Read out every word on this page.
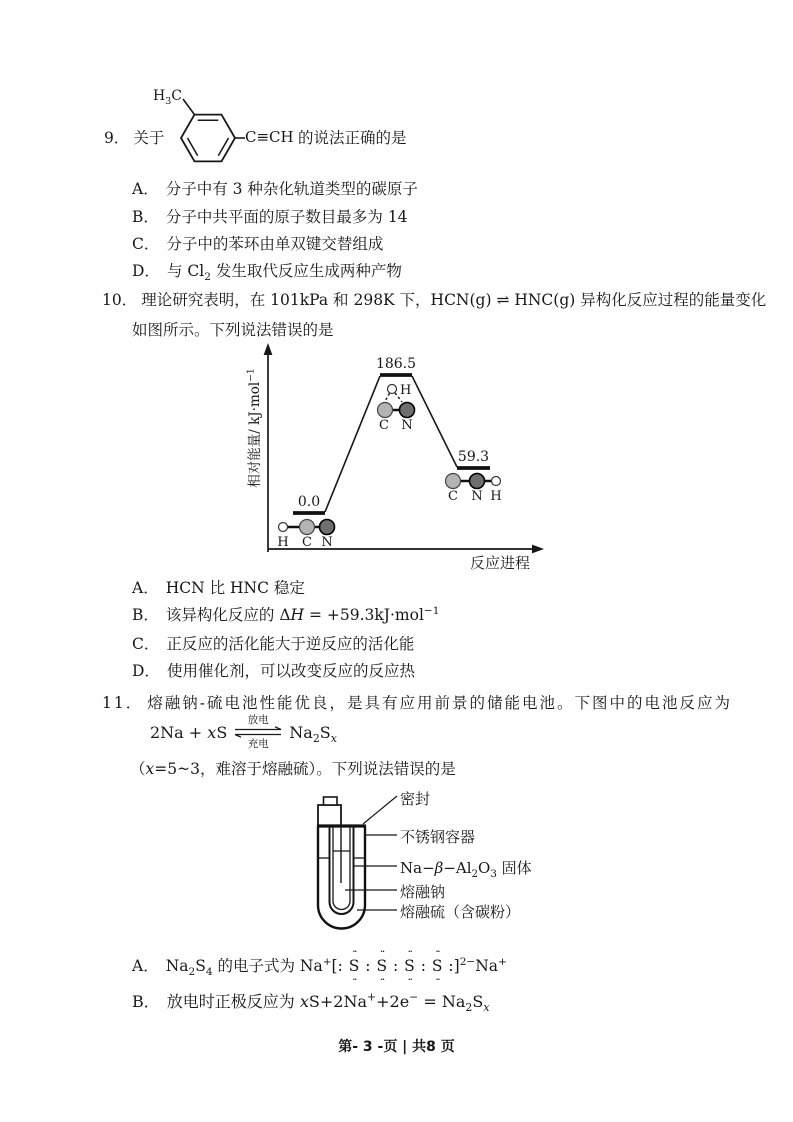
9． 关于
$H_3C$
C≡CH 的说法正确的是
A． 分子中有 3 种杂化轨道类型的碳原子
B． 分子中共平面的原子数目最多为 14
C． 分子中的苯环由单双键交替组成
D． 与 $Cl_2$ 发生取代反应生成两种产物
10． 理论研究表明，在 101kPa 和 298K 下，HCN(g) ⇌ HNC(g) 异构化反应过程的能量变化
如图所示。下列说法错误的是
0.0
186.5
59.3
H C N
H
C N
C N H
反应进程
相对能量/ kJ·mol$^{-1}$
A． HCN 比 HNC 稳定
B． 该异构化反应的 ΔH = +59.3kJ·mol$^{-1}$
C． 正反应的活化能大于逆反应的活化能
D． 使用催化剂，可以改变反应的反应热
11． 熔融钠-硫电池性能优良，是具有应用前景的储能电池。下图中的电池反应为
2Na + xS
放电
充电
$Na_2S_x$
（x=5~3，难溶于熔融硫）。下列说法错误的是
密封
不锈钢容器
$Na-\beta-Al_2O_3$ 固体
熔融钠
熔融硫（含碳粉）
A． $Na_2S_4$ 的电子式为 Na+[:
··
S
··
:
··
S
··
:
··
S
··
:
··
S
··
:]$^{2-}$Na+
B． 放电时正极反应为 $xS+2Na^++2e^- = Na_2S_x$
第- 3 -页 | 共8 页
